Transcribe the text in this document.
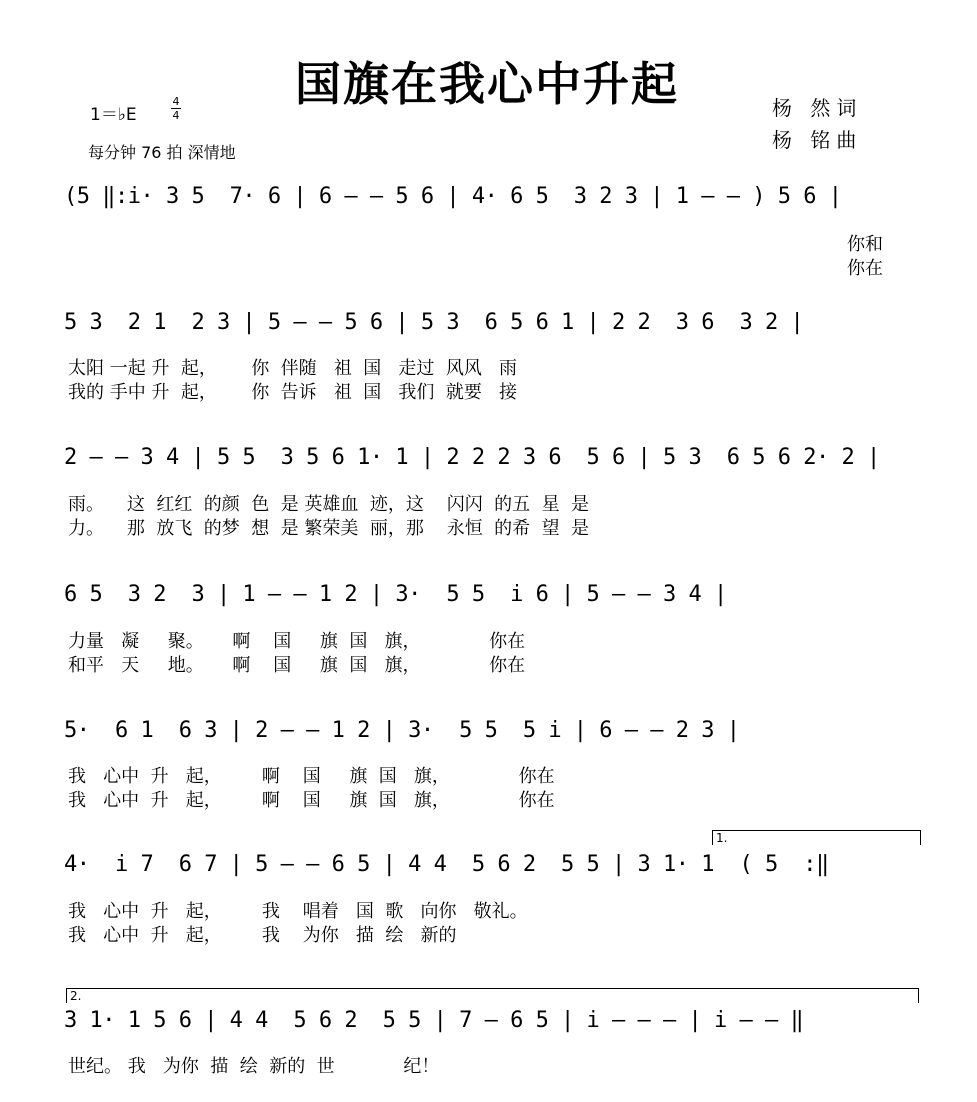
国旗在我心中升起
1＝♭E
4
4
每分钟 76 拍 深情地
杨 然词
杨 铭曲
(5 ‖:i· 3 5  7· 6 | 6 — — 5 6 | 4· 6 5  3 2 3 | 1 — — ) 5 6 |
你和
你在
5 3  2 1  2 3 | 5 — — 5 6 | 5 3  6 5 6 1 | 2 2  3 6  3 2 |
太阳 一起 升  起，      你  伴随   祖  国   走过  风风   雨
我的 手中 升  起，      你  告诉   祖  国   我们  就要   接
2 — — 3 4 | 5 5  3 5 6 1· 1 | 2 2 2 3 6  5 6 | 5 3  6 5 6 2· 2 |
雨。    这  红红  的颜  色  是 英雄血  迹，这    闪闪  的五  星  是
力。    那  放飞  的梦  想  是 繁荣美  丽，那    永恒  的希  望  是
6 5  3 2  3 | 1 — — 1 2 | 3·  5 5  i 6 | 5 — — 3 4 |
力量   凝     聚。     啊    国     旗  国   旗，            你在
和平   天     地。     啊    国     旗  国   旗，            你在
5·  6 1  6 3 | 2 — — 1 2 | 3·  5 5  5 i | 6 — — 2 3 |
我   心中  升   起，       啊    国     旗  国   旗，            你在
我   心中  升   起，       啊    国     旗  国   旗，            你在
1.
4·  i 7  6 7 | 5 — — 6 5 | 4 4  5 6 2  5 5 | 3 1· 1  ( 5  :‖
我   心中  升   起，       我    唱着   国  歌   向你   敬礼。
我   心中  升   起，       我    为你   描  绘   新的
2.
3 1· 1 5 6 | 4 4  5 6 2  5 5 | 7 — 6 5 | i — — — | i — — ‖
世纪。 我   为你  描  绘  新的  世            纪！
